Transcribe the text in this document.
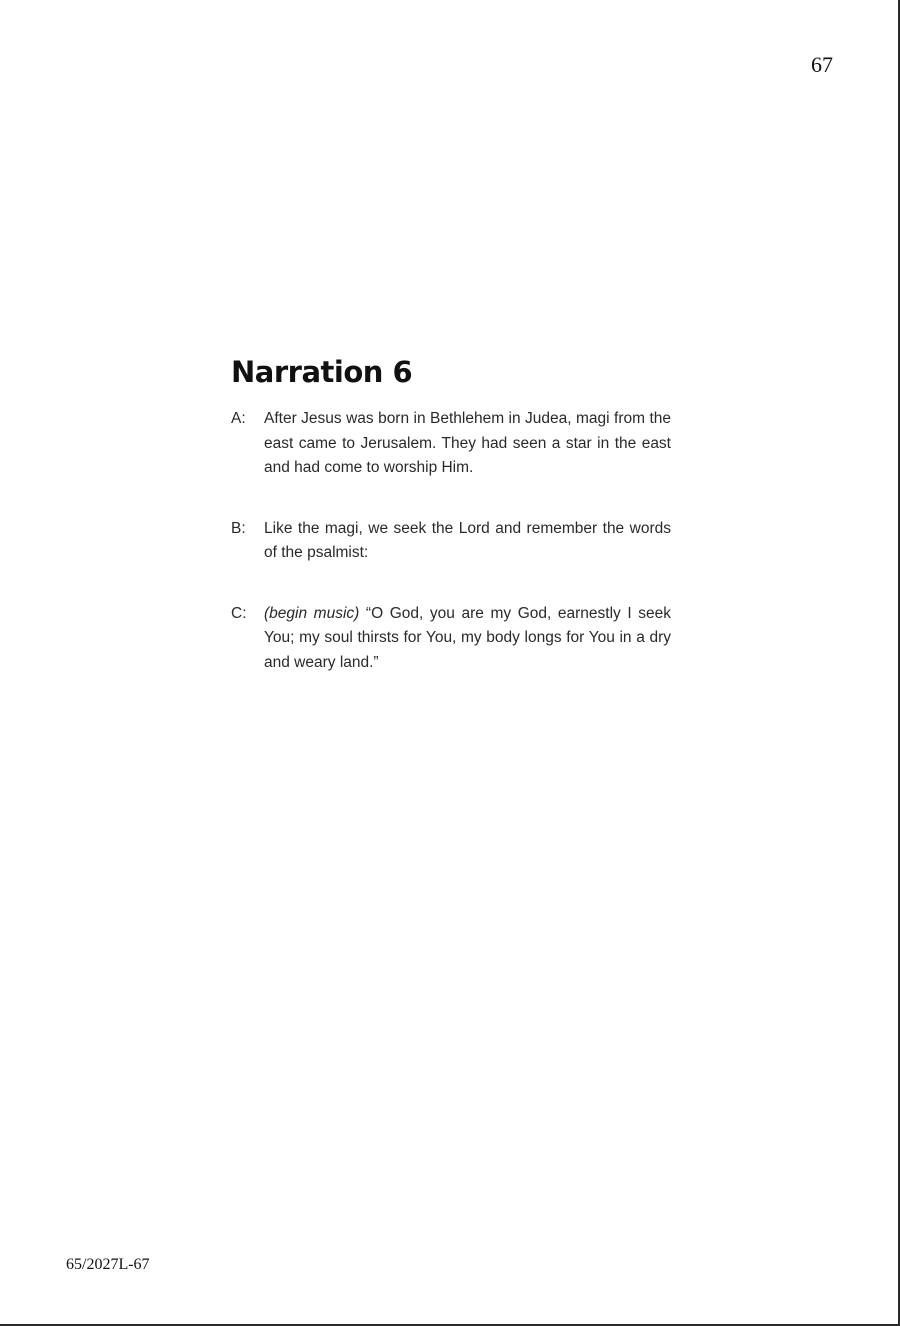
67
Narration 6
A:	After Jesus was born in Bethlehem in Judea, magi from the east came to Jerusalem. They had seen a star in the east and had come to worship Him.
B:	Like the magi, we seek the Lord and remember the words of the psalmist:
C:	(begin music) “O God, you are my God, earnestly I seek You; my soul thirsts for You, my body longs for You in a dry and weary land.”
65/2027L-67
